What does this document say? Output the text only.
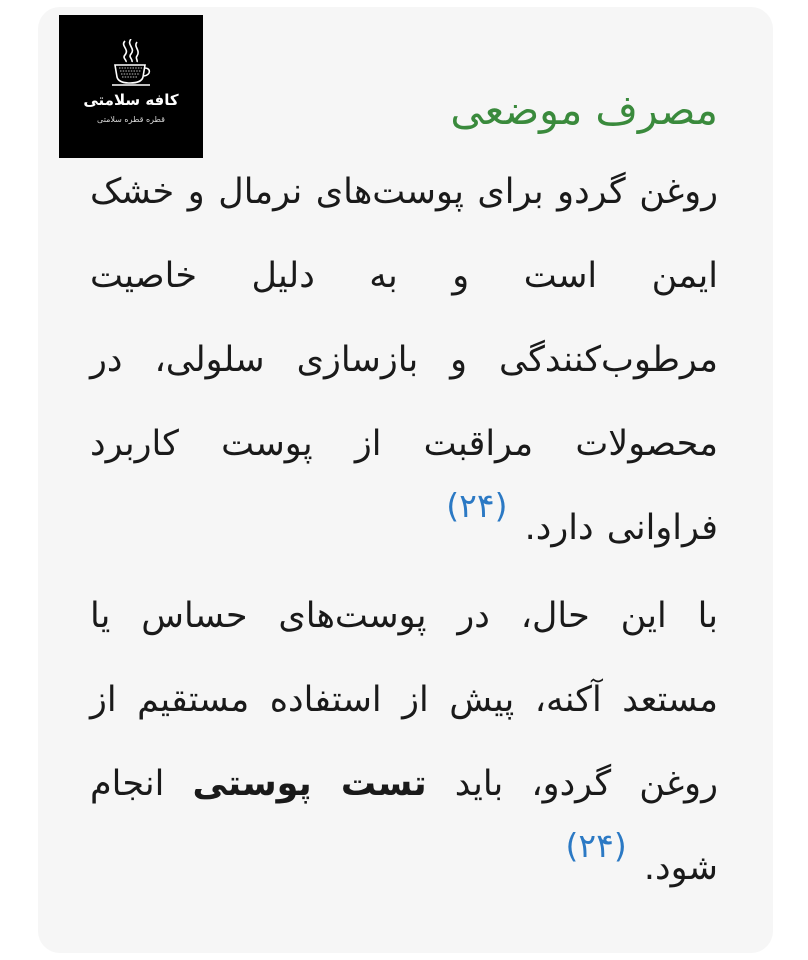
کافه سلامتی
قطره قطره سلامتی	مصرف موضعی

روغن گردو برای پوست‌های نرمال و خشک ایمن است و به دلیل خاصیت مرطوب‌کنندگی و بازسازی سلولی، در محصولات مراقبت از پوست کاربرد فراوانی دارد. (۲۴)

با این حال، در پوست‌های حساس یا مستعد آکنه، پیش از استفاده مستقیم از روغن گردو، باید تست پوستی انجام شود. (۲۴)
